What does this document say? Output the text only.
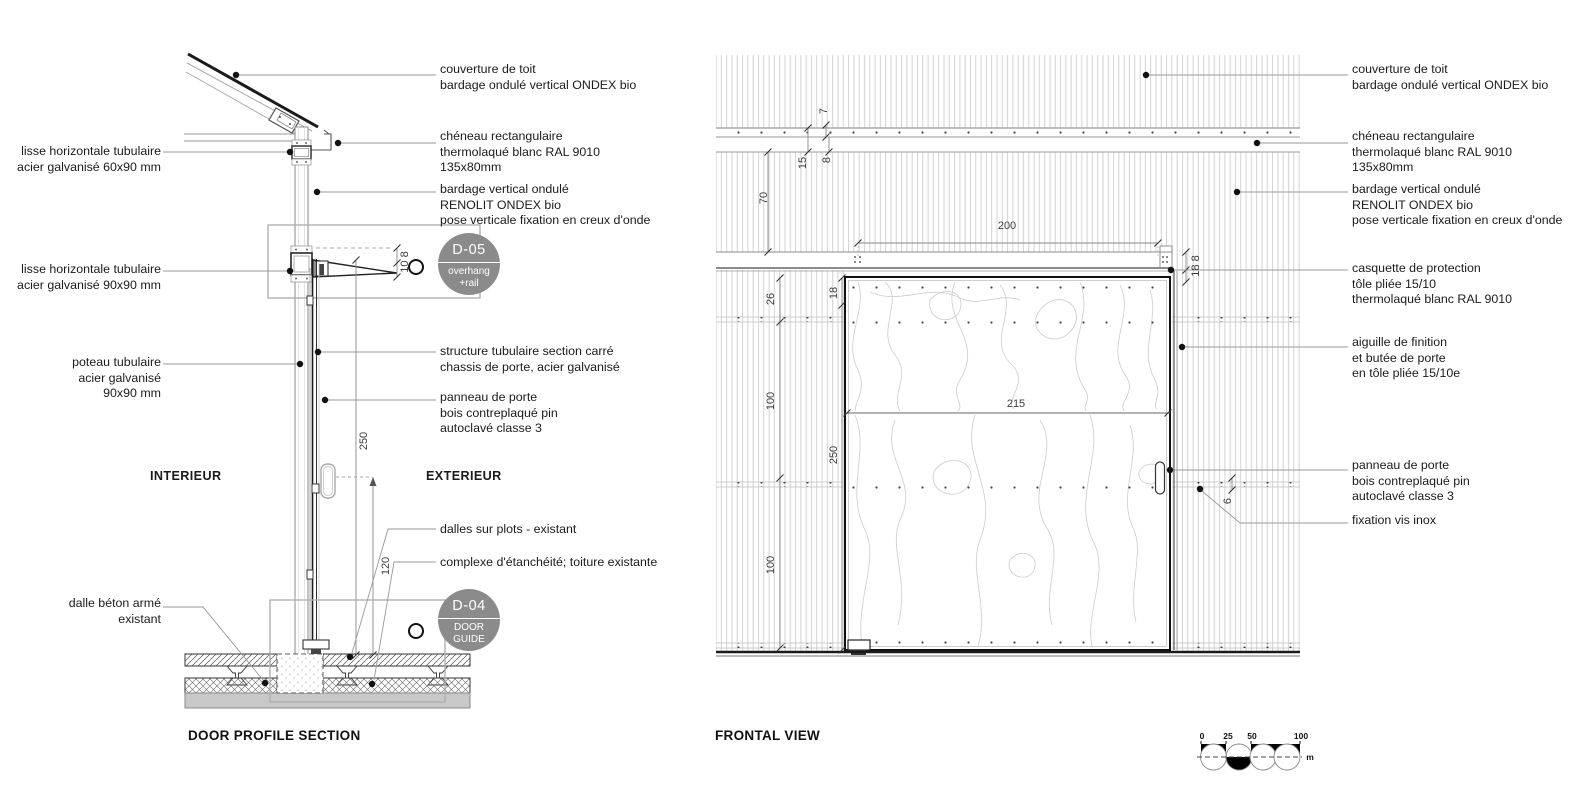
couverture de toit
bardage ondulé vertical ONDEX bio
chéneau rectangulaire
thermolaqué blanc RAL 9010
135x80mm
bardage vertical ondulé
RENOLIT ONDEX bio
pose verticale fixation en creux d'onde
lisse horizontale tubulaire
acier galvanisé 60x90 mm
lisse horizontale tubulaire
acier galvanisé 90x90 mm
poteau tubulaire
acier galvanisé
90x90 mm
structure tubulaire section carré
chassis de porte, acier galvanisé
panneau de porte
bois contreplaqué pin
autoclavé classe 3
dalles sur plots - existant
complexe d'étanchéité; toiture existante
dalle béton armé
existant
INTERIEUR	EXTERIEUR
DOOR PROFILE SECTION
250
120
10 8
D-05
overhang
+rail
D-04
DOOR
GUIDE
couverture de toit
bardage ondulé vertical ONDEX bio
chéneau rectangulaire
thermolaqué blanc RAL 9010
135x80mm
bardage vertical ondulé
RENOLIT ONDEX bio
pose verticale fixation en creux d'onde
casquette de protection
tôle pliée 15/10
thermolaqué blanc RAL 9010
aiguille de finition
et butée de porte
en tôle pliée 15/10e
panneau de porte
bois contreplaqué pin
autoclavé classe 3
fixation vis inox
FRONTAL VIEW
7
15 8
70
200
26	18
100
250
100
215
18 8
6
0 25 50	100
m
